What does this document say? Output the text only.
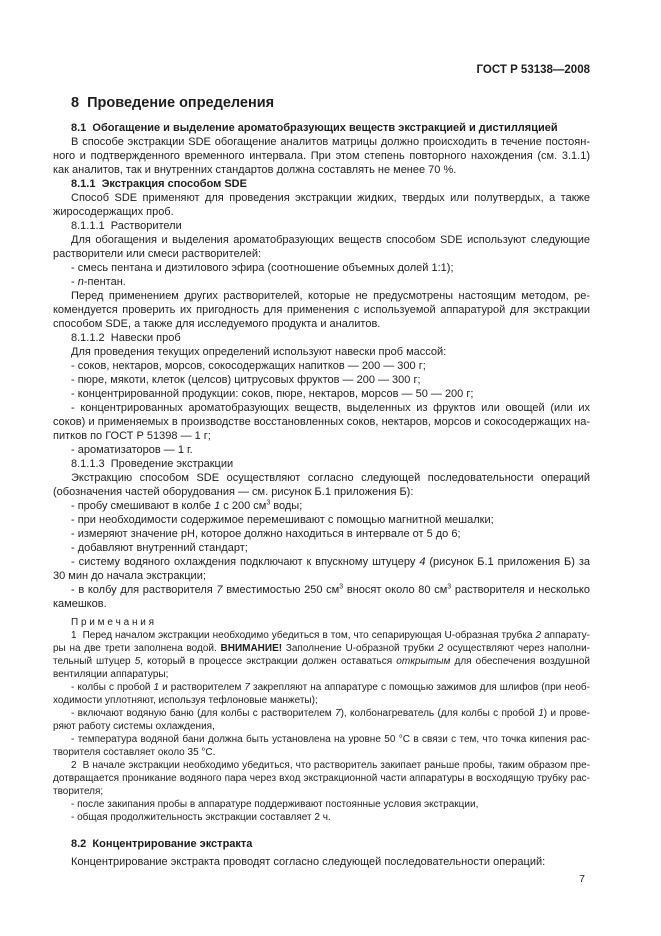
ГОСТ Р 53138—2008
8  Проведение определения
8.1  Обогащение и выделение ароматобразующих веществ экстракцией и дистилляцией
В способе экстракции SDE обогащение аналитов матрицы должно происходить в течение постоянного и подтвержденного временного интервала. При этом степень повторного нахождения (см. 3.1.1) как аналитов, так и внутренних стандартов должна составлять не менее 70 %.
8.1.1  Экстракция способом SDE
Способ SDE применяют для проведения экстракции жидких, твердых или полутвердых, а также жиросодержащих проб.
8.1.1.1  Растворители
Для обогащения и выделения ароматобразующих веществ способом SDE используют следующие растворители или смеси растворителей:
- смесь пентана и диэтилового эфира (соотношение объемных долей 1:1);
- n-пентан.
Перед применением других растворителей, которые не предусмотрены настоящим методом, рекомендуется проверить их пригодность для применения с используемой аппаратурой для экстракции способом SDE, а также для исследуемого продукта и аналитов.
8.1.1.2  Навески проб
Для проведения текущих определений используют навески проб массой:
- соков, нектаров, морсов, сокосодержащих напитков — 200 — 300 г;
- пюре, мякоти, клеток (целсов) цитрусовых фруктов — 200 — 300 г;
- концентрированной продукции: соков, пюре, нектаров, морсов — 50 — 200 г;
- концентрированных ароматобразующих веществ, выделенных из фруктов или овощей (или их соков) и применяемых в производстве восстановленных соков, нектаров, морсов и сокосодержащих напитков по ГОСТ Р 51398 — 1 г;
- ароматизаторов — 1 г.
8.1.1.3  Проведение экстракции
Экстракцию способом SDE осуществляют согласно следующей последовательности операций (обозначения частей оборудования — см. рисунок Б.1 приложения Б):
- пробу смешивают в колбе 1 с 200 $см^3$ воды;
- при необходимости содержимое перемешивают с помощью магнитной мешалки;
- измеряют значение рН, которое должно находиться в интервале от 5 до 6;
- добавляют внутренний стандарт;
- систему водяного охлаждения подключают к впускному штуцеру 4 (рисунок Б.1 приложения Б) за 30 мин до начала экстракции;
- в колбу для растворителя 7 вместимостью 250 $см^3$ вносят около 80 $см^3$ растворителя и несколько камешков.
П р и м е ч а н и я
1  Перед началом экстракции необходимо убедиться в том, что сепарирующая U-образная трубка 2 аппаратуры на две трети заполнена водой. ВНИМАНИЕ! Заполнение U-образной трубки 2 осуществляют через наполнительный штуцер 5, который в процессе экстракции должен оставаться открытым для обеспечения воздушной вентиляции аппаратуры;
- колбы с пробой 1 и растворителем 7 закрепляют на аппаратуре с помощью зажимов для шлифов (при необходимости уплотняют, используя тефлоновые манжеты);
- включают водяную баню (для колбы с растворителем 7), колбонагреватель (для колбы с пробой 1) и проверяют работу системы охлаждения,
- температура водяной бани должна быть установлена на уровне 50 °С в связи с тем, что точка кипения растворителя составляет около 35 °С.
2  В начале экстракции необходимо убедиться, что растворитель закипает раньше пробы, таким образом предотвращается проникание водяного пара через вход экстракционной части аппаратуры в восходящую трубку растворителя;
- после закипания пробы в аппаратуре поддерживают постоянные условия экстракции,
- общая продолжительность экстракции составляет 2 ч.
8.2  Концентрирование экстракта
Концентрирование экстракта проводят согласно следующей последовательности операций:
7
